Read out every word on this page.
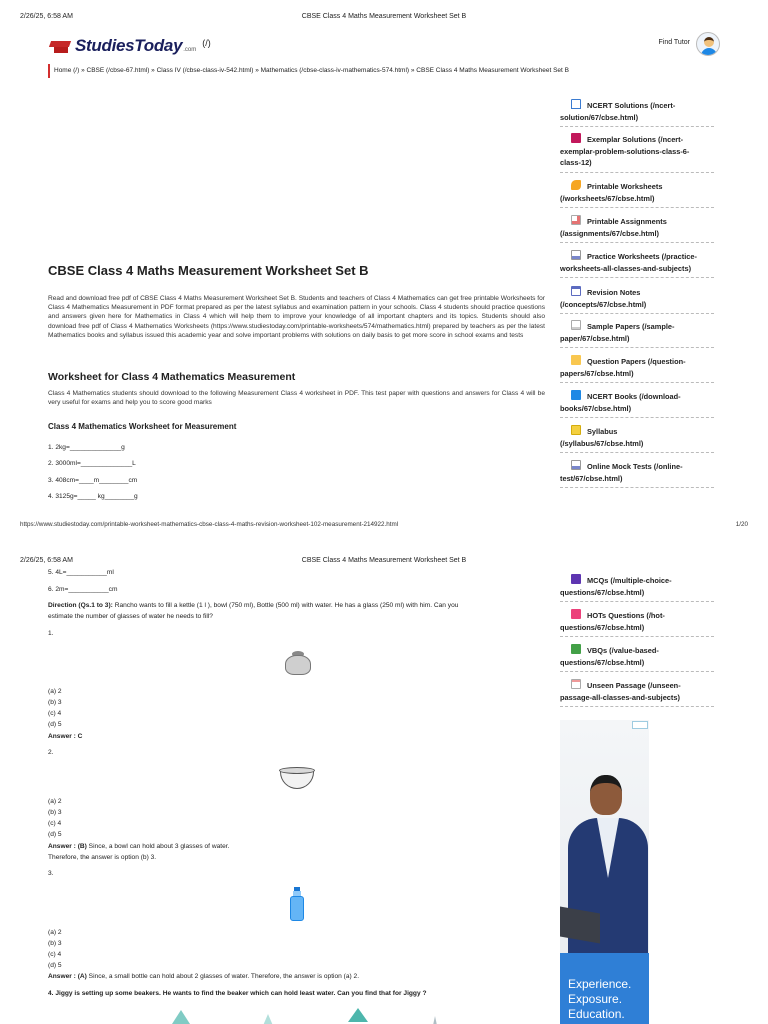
2/26/25, 6:58 AM	CBSE Class 4 Maths Measurement Worksheet Set B
StudiesToday .com
(/)	Find Tutor
Home (/) » CBSE (/cbse-67.html) » Class IV (/cbse-class-iv-542.html) » Mathematics (/cbse-class-iv-mathematics-574.html) » CBSE Class 4 Maths Measurement Worksheet Set B
NCERT Solutions (/ncert-
solution/67/cbse.html)
Exemplar Solutions (/ncert-
exemplar-problem-solutions-class-6-
class-12)
Printable Worksheets
(/worksheets/67/cbse.html)
Printable Assignments
(/assignments/67/cbse.html)
Practice Worksheets (/practice-
worksheets-all-classes-and-subjects)
Revision Notes
(/concepts/67/cbse.html)
Sample Papers (/sample-
paper/67/cbse.html)
Question Papers (/question-
papers/67/cbse.html)
NCERT Books (/download-
books/67/cbse.html)
Syllabus
(/syllabus/67/cbse.html)
Online Mock Tests (/online-
test/67/cbse.html)
CBSE Class 4 Maths Measurement Worksheet Set B

Read and download free pdf of CBSE Class 4 Maths Measurement Worksheet Set B. Students and teachers of Class 4 Mathematics can get free printable Worksheets for Class 4 Mathematics Measurement in PDF format prepared as per the latest syllabus and examination pattern in your schools. Class 4 students should practice questions and answers given here for Mathematics in Class 4 which will help them to improve your knowledge of all important chapters and its topics. Students should also download free pdf of Class 4 Mathematics Worksheets (https://www.studiestoday.com/printable-worksheets/574/mathematics.html) prepared by teachers as per the latest Mathematics books and syllabus issued this academic year and solve important problems with solutions on daily basis to get more score in school exams and tests

Worksheet for Class 4 Mathematics Measurement

Class 4 Mathematics students should download to the following Measurement Class 4 worksheet in PDF. This test paper with questions and answers for Class 4 will be very useful for exams and help you to score good marks

Class 4 Mathematics Worksheet for Measurement
1. 2kg=______________g
2. 3000ml=______________L
3. 408cm=____m________cm
4. 3125g=_____ kg________g
https://www.studiestoday.com/printable-worksheet-mathematics-cbse-class-4-maths-revision-worksheet-102-measurement-214922.html	1/20
2/26/25, 6:58 AM	CBSE Class 4 Maths Measurement Worksheet Set B
5. 4L=___________ml
6. 2m=___________cm
Direction (Qs.1 to 3): Rancho wants to fill a kettle (1 l ), bowl (750 ml), Bottle (500 ml) with water. He has a glass (250 ml) with him. Can you
estimate the number of glasses of water he needs to fill?
1.
(a) 2
(b) 3
(c) 4
(d) 5
Answer : C
2.
(a) 2
(b) 3
(c) 4
(d) 5
Answer : (B) Since, a bowl can hold about 3 glasses of water.
Therefore, the answer is option (b) 3.
3.
(a) 2
(b) 3
(c) 4
(d) 5
Answer : (A) Since, a small bottle can hold about 2 glasses of water. Therefore, the answer is option (a) 2.
4. Jiggy is setting up some beakers. He wants to find the beaker which can hold least water. Can you find that for Jiggy ?
MCQs (/multiple-choice-
questions/67/cbse.html)
HOTs Questions (/hot-
questions/67/cbse.html)
VBQs (/value-based-
questions/67/cbse.html)
Unseen Passage (/unseen-
passage-all-classes-and-subjects)
Experience.
Exposure.
Education.
